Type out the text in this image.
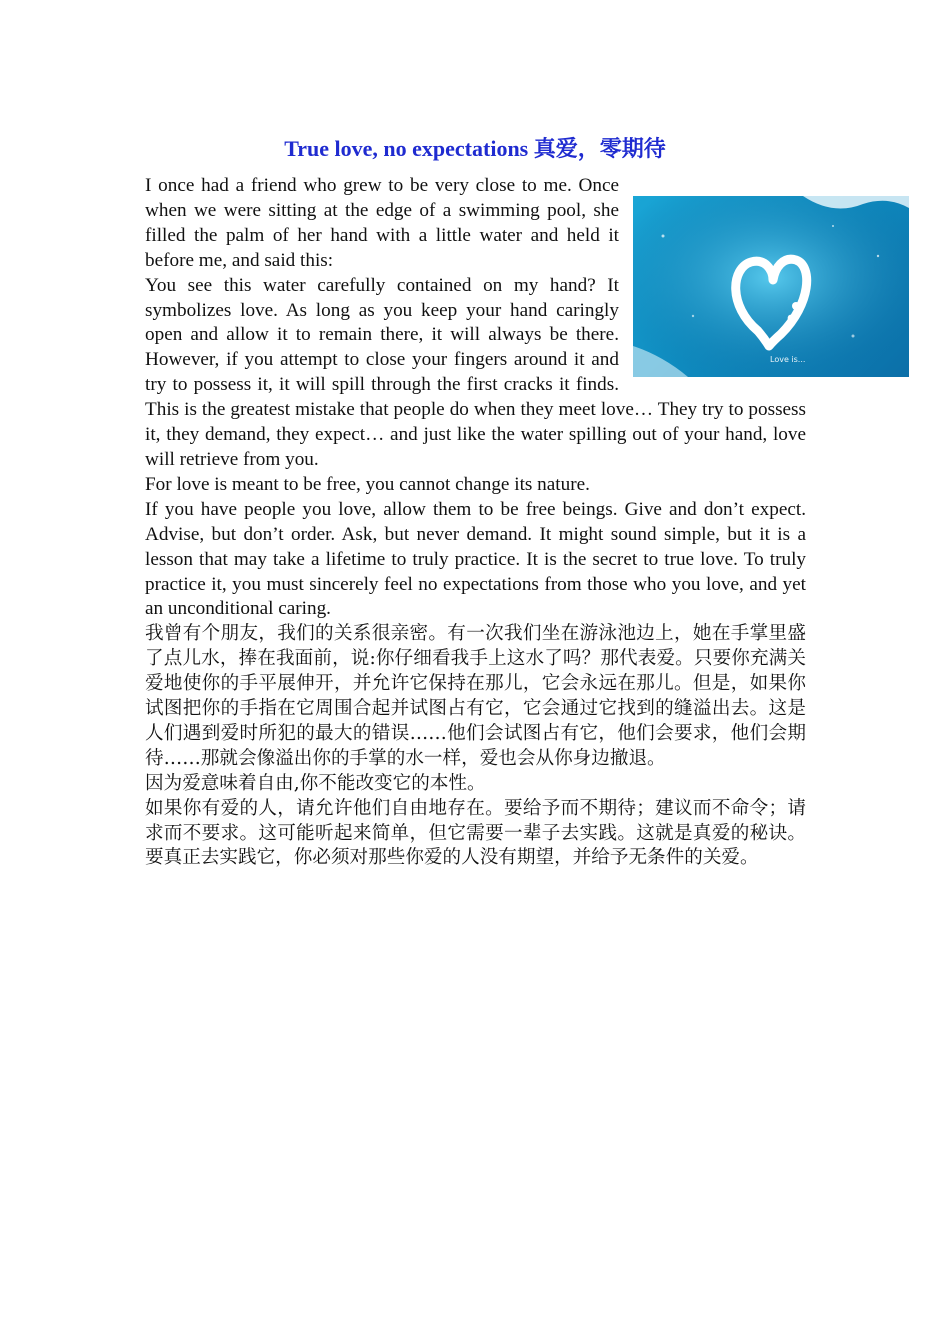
True love, no expectations 真爱，零期待

Love is...
I once had a friend who grew to be very close to me. Once when we were sitting at the edge of a swimming pool, she filled the palm of her hand with a little water and held it before me, and said this:

You see this water carefully contained on my hand? It symbolizes love. As long as you keep your hand caringly open and allow it to remain there, it will always be there. However, if you attempt to close your fingers around it and try to possess it, it will spill through the first cracks it finds. This is the greatest mistake that people do when they meet love… They try to possess it, they demand, they expect… and just like the water spilling out of your hand, love will retrieve from you.

For love is meant to be free, you cannot change its nature.

If you have people you love, allow them to be free beings. Give and don’t expect. Advise, but don’t order. Ask, but never demand. It might sound simple, but it is a lesson that may take a lifetime to truly practice. It is the secret to true love. To truly practice it, you must sincerely feel no expectations from those who you love, and yet an unconditional caring.

我曾有个朋友，我们的关系很亲密。有一次我们坐在游泳池边上，她在手掌里盛了点儿水，捧在我面前，说:你仔细看我手上这水了吗？那代表爱。只要你充满关爱地使你的手平展伸开，并允许它保持在那儿，它会永远在那儿。但是，如果你试图把你的手指在它周围合起并试图占有它，它会通过它找到的缝溢出去。这是人们遇到爱时所犯的最大的错误……他们会试图占有它，他们会要求，他们会期待……那就会像溢出你的手掌的水一样，爱也会从你身边撤退。

因为爱意味着自由,你不能改变它的本性。

如果你有爱的人，请允许他们自由地存在。要给予而不期待；建议而不命令；请求而不要求。这可能听起来简单，但它需要一辈子去实践。这就是真爱的秘诀。要真正去实践它，你必须对那些你爱的人没有期望，并给予无条件的关爱。
